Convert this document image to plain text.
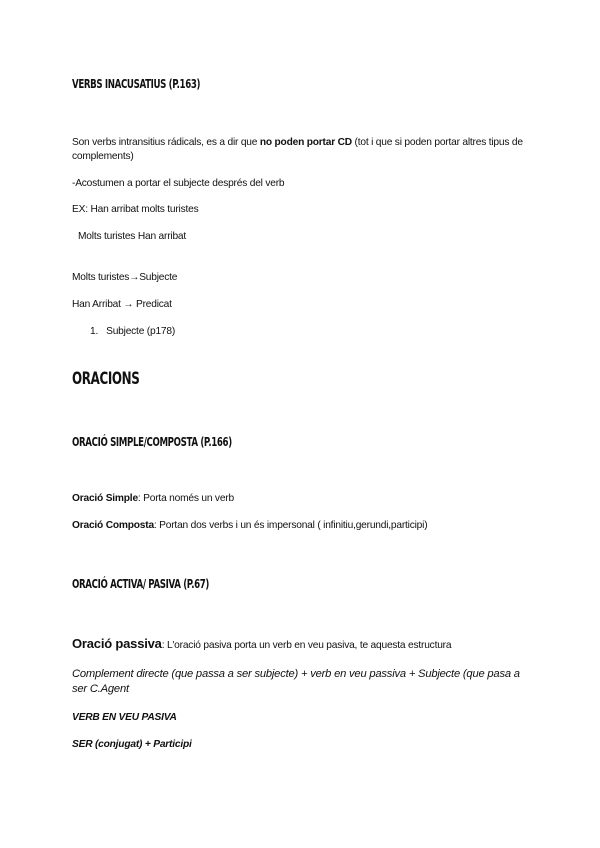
VERBS INACUSATIUS (P.163)

Son verbs intransitius rádicals, es a dir que no poden portar CD (tot i que si poden portar altres tipus de complements)

-Acostumen a portar el subjecte després del verb

EX: Han arribat molts turistes

Molts turistes Han arribat

Molts turistes→Subjecte

Han Arribat → Predicat

1. Subjecte (p178)
ORACIONS
ORACIÓ SIMPLE/COMPOSTA (P.166)

Oració Simple: Porta només un verb

Oració Composta: Portan dos verbs i un és impersonal ( infinitiu,gerundi,participi)

ORACIÓ ACTIVA/ PASIVA (P.67)

Oració passiva: L'oració pasiva porta un verb en veu pasiva, te aquesta estructura

Complement directe (que passa a ser subjecte) + verb en veu passiva + Subjecte (que pasa a ser C.Agent

VERB EN VEU PASIVA

SER (conjugat) + Participi
